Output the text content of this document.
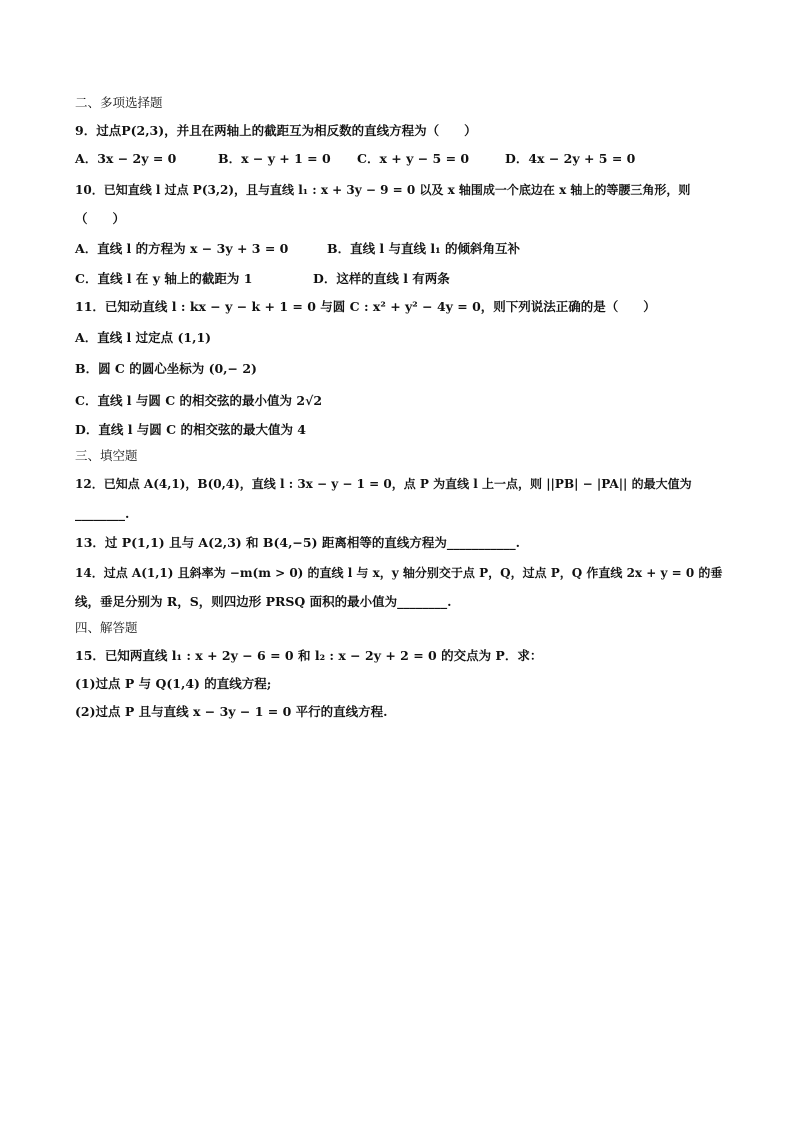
二、多项选择题
9．过点P(2,3)，并且在两轴上的截距互为相反数的直线方程为（　　）
A．3x − 2y = 0	B．x − y + 1 = 0 C．x + y − 5 = 0	D．4x − 2y + 5 = 0
10．已知直线 l 过点 P(3,2)，且与直线 l₁ : x + 3y − 9 = 0 以及 x 轴围成一个底边在 x 轴上的等腰三角形，则
（　　）
A．直线 l 的方程为 x − 3y + 3 = 0	B．直线 l 与直线 l₁ 的倾斜角互补
C．直线 l 在 y 轴上的截距为 1	D．这样的直线 l 有两条
11．已知动直线 l : kx − y − k + 1 = 0 与圆 C : x² + y² − 4y = 0，则下列说法正确的是（　　）
A．直线 l 过定点 (1,1)
B．圆 C 的圆心坐标为 (0,− 2)
C．直线 l 与圆 C 的相交弦的最小值为 2√2
D．直线 l 与圆 C 的相交弦的最大值为 4
三、填空题
12．已知点 A(4,1)，B(0,4)，直线 l : 3x − y − 1 = 0，点 P 为直线 l 上一点，则 ||PB| − |PA|| 的最大值为
________.
13．过 P(1,1) 且与 A(2,3) 和 B(4,−5) 距离相等的直线方程为___________.
14．过点 A(1,1) 且斜率为 −m(m > 0) 的直线 l 与 x，y 轴分别交于点 P，Q，过点 P，Q 作直线 2x + y = 0 的垂
线，垂足分别为 R，S，则四边形 PRSQ 面积的最小值为________.
四、解答题
15．已知两直线 l₁ : x + 2y − 6 = 0 和 l₂ : x − 2y + 2 = 0 的交点为 P．求：
(1)过点 P 与 Q(1,4) 的直线方程;
(2)过点 P 且与直线 x − 3y − 1 = 0 平行的直线方程.
